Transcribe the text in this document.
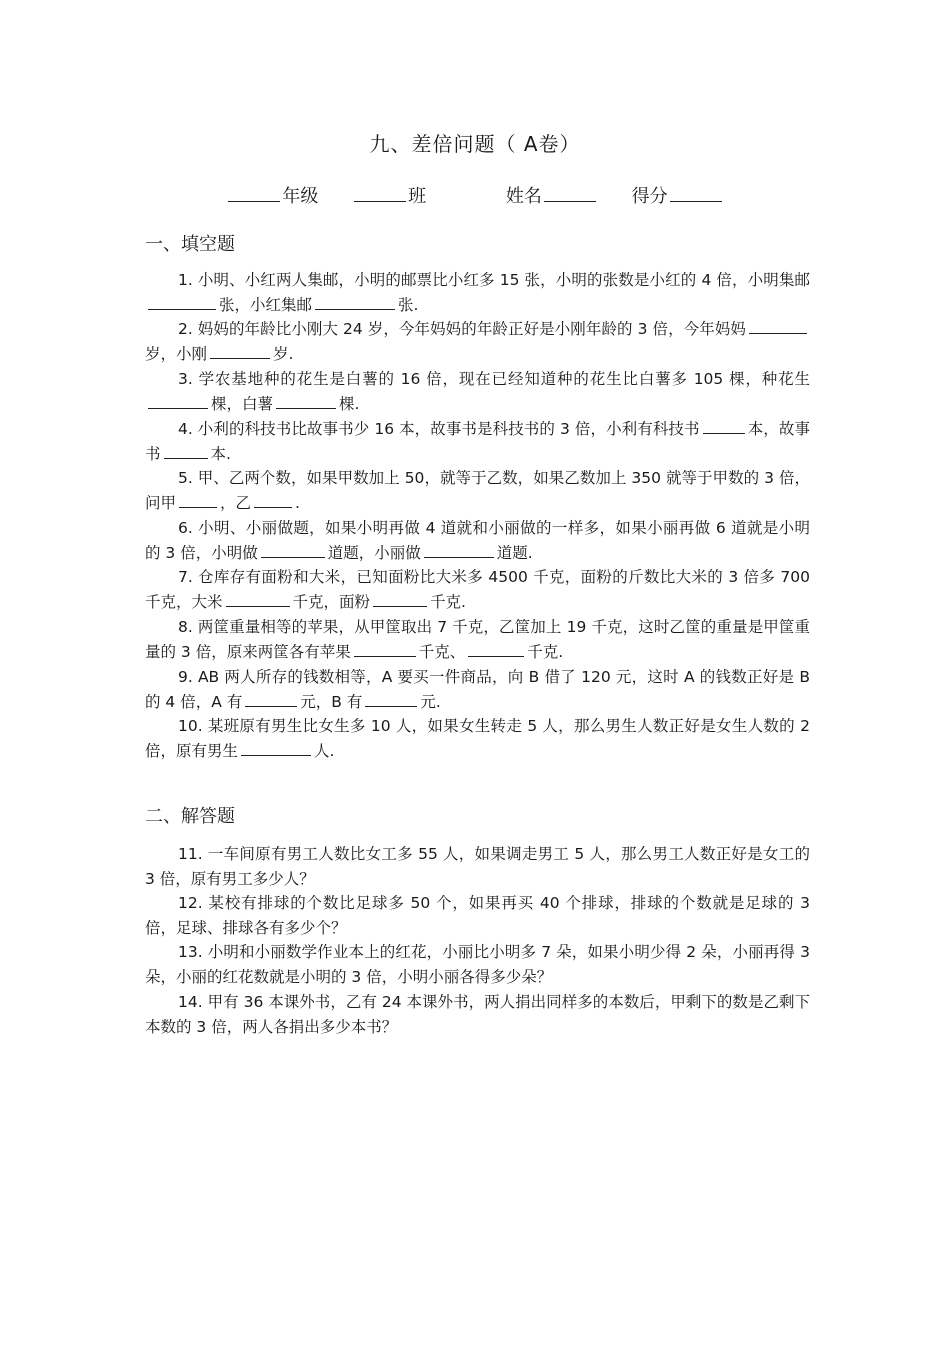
九、差倍问题（ A卷）
年级	班	姓名	得分
一、填空题
1. 小明、小红两人集邮，小明的邮票比小红多 15 张，小明的张数是小红的 4 倍，小明集邮张，小红集邮	张.
2. 妈妈的年龄比小刚大 24 岁，今年妈妈的年龄正好是小刚年龄的 3 倍，今年妈妈岁，小刚	岁.
3. 学农基地种的花生是白薯的 16 倍，现在已经知道种的花生比白薯多 105 棵，种花生棵，白薯	棵.
4. 小利的科技书比故事书少 16 本，故事书是科技书的 3 倍，小利有科技书	本，故事书	本.
5. 甲、乙两个数，如果甲数加上 50，就等于乙数，如果乙数加上 350 就等于甲数的 3 倍，问甲	，乙	.
6. 小明、小丽做题，如果小明再做 4 道就和小丽做的一样多，如果小丽再做 6 道就是小明的 3 倍，小明做	道题，小丽做	道题.
7. 仓库存有面粉和大米，已知面粉比大米多 4500 千克，面粉的斤数比大米的 3 倍多 700 千克，大米	千克，面粉	千克.
8. 两筐重量相等的苹果，从甲筐取出 7 千克，乙筐加上 19 千克，这时乙筐的重量是甲筐重量的 3 倍，原来两筐各有苹果	千克、	千克.
9. AB 两人所存的钱数相等，A 要买一件商品，向 B 借了 120 元，这时 A 的钱数正好是 B 的 4 倍，A 有	元，B 有	元.
10. 某班原有男生比女生多 10 人，如果女生转走 5 人，那么男生人数正好是女生人数的 2 倍，原有男生	人.
二、解答题
11. 一车间原有男工人数比女工多 55 人，如果调走男工 5 人，那么男工人数正好是女工的 3 倍，原有男工多少人？
12. 某校有排球的个数比足球多 50 个，如果再买 40 个排球，排球的个数就是足球的 3 倍，足球、排球各有多少个？
13. 小明和小丽数学作业本上的红花，小丽比小明多 7 朵，如果小明少得 2 朵，小丽再得 3 朵，小丽的红花数就是小明的 3 倍，小明小丽各得多少朵？
14. 甲有 36 本课外书，乙有 24 本课外书，两人捐出同样多的本数后，甲剩下的数是乙剩下本数的 3 倍，两人各捐出多少本书？
